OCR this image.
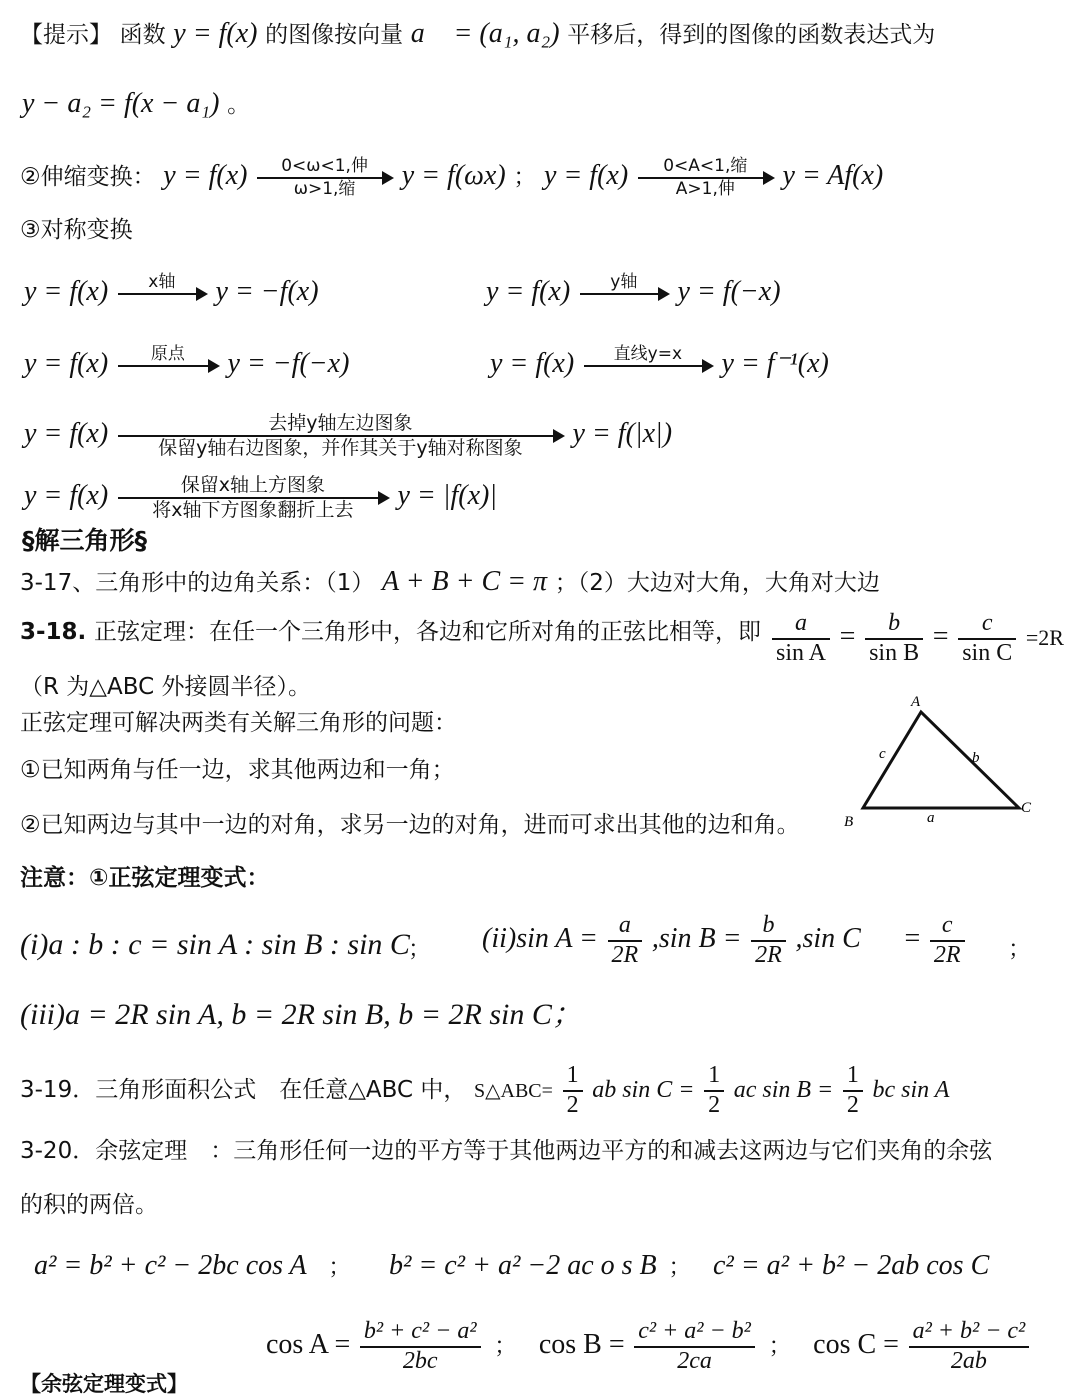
【提示】 函数 y = f(x) 的图像按向量 a⃗ = (a₁, a₂) 平移后，得到的图像的函数表达式为
y − a₂ = f(x − a₁) 。
②伸缩变换： y = f(x)	0<ω<1,伸
ω>1,缩	y = f(ωx) ； y = f(x)	0<A<1,缩
A>1,伸	y = Af(x)
③对称变换
y = f(x)	x轴	y = −f(x)	y = f(x)	y轴	y = f(−x)
y = f(x)	原点	y = −f(−x)	y = f(x)	直线y=x	y = f⁻¹(x)
y = f(x)	去掉y轴左边图象
保留y轴右边图象，并作其关于y轴对称图象	y = f(|x|)
y = f(x)	保留x轴上方图象
将x轴下方图象翻折上去	y = |f(x)|
§解三角形§
3-17、三角形中的边角关系：（1） A + B + C = π ；（2）大边对大角，大角对大边
3-18. 正弦定理：在任一个三角形中，各边和它所对角的正弦比相等，即 $\frac{a}{\text{sin A}} = \frac{b}{\text{sin B}} = \frac{c}{\text{sin C}} =2R$
（R 为△ABC 外接圆半径）。
正弦定理可解决两类有关解三角形的问题：
①已知两角与任一边，求其他两边和一角；
②已知两边与其中一边的对角，求另一边的对角，进而可求出其他的边和角。
A
B
C
a
b
c
注意：①正弦定理变式：
(i)a : b : c = sin A : sin B : sin C
； (ii)sin $A = \frac{a}{2R} ,\sin$ $B = \frac{b}{2R} ,\sin$ $C = \frac{c}{2R}$ ；
(iii)a = 2R sin A, b = 2R sin B, b = 2R sin C；
3-19．三角形面积公式　在任意△ABC 中， S△ABC= $\frac{1}{2}$ ab $\sin C = \frac{1}{2}$ ac $\sin B = \frac{1}{2}$ bc sin A
3-20．余弦定理　：三角形任何一边的平方等于其他两边平方的和减去这两边与它们夹角的余弦
的积的两倍。
a² = b² + c² − 2bc cos A ； b² = c² + a² −2 ac o s B ； c² = a² + b² − 2ab cos C
【余弦定理变式】
$\cos A = \frac{\text{b² + c² − a²}}{2bc}$ ； $\cos B = \frac{\text{c² + a² − b²}}{2ca}$ ； $\cos C = \frac{\text{a² + b² − c²}}{2ab}$
